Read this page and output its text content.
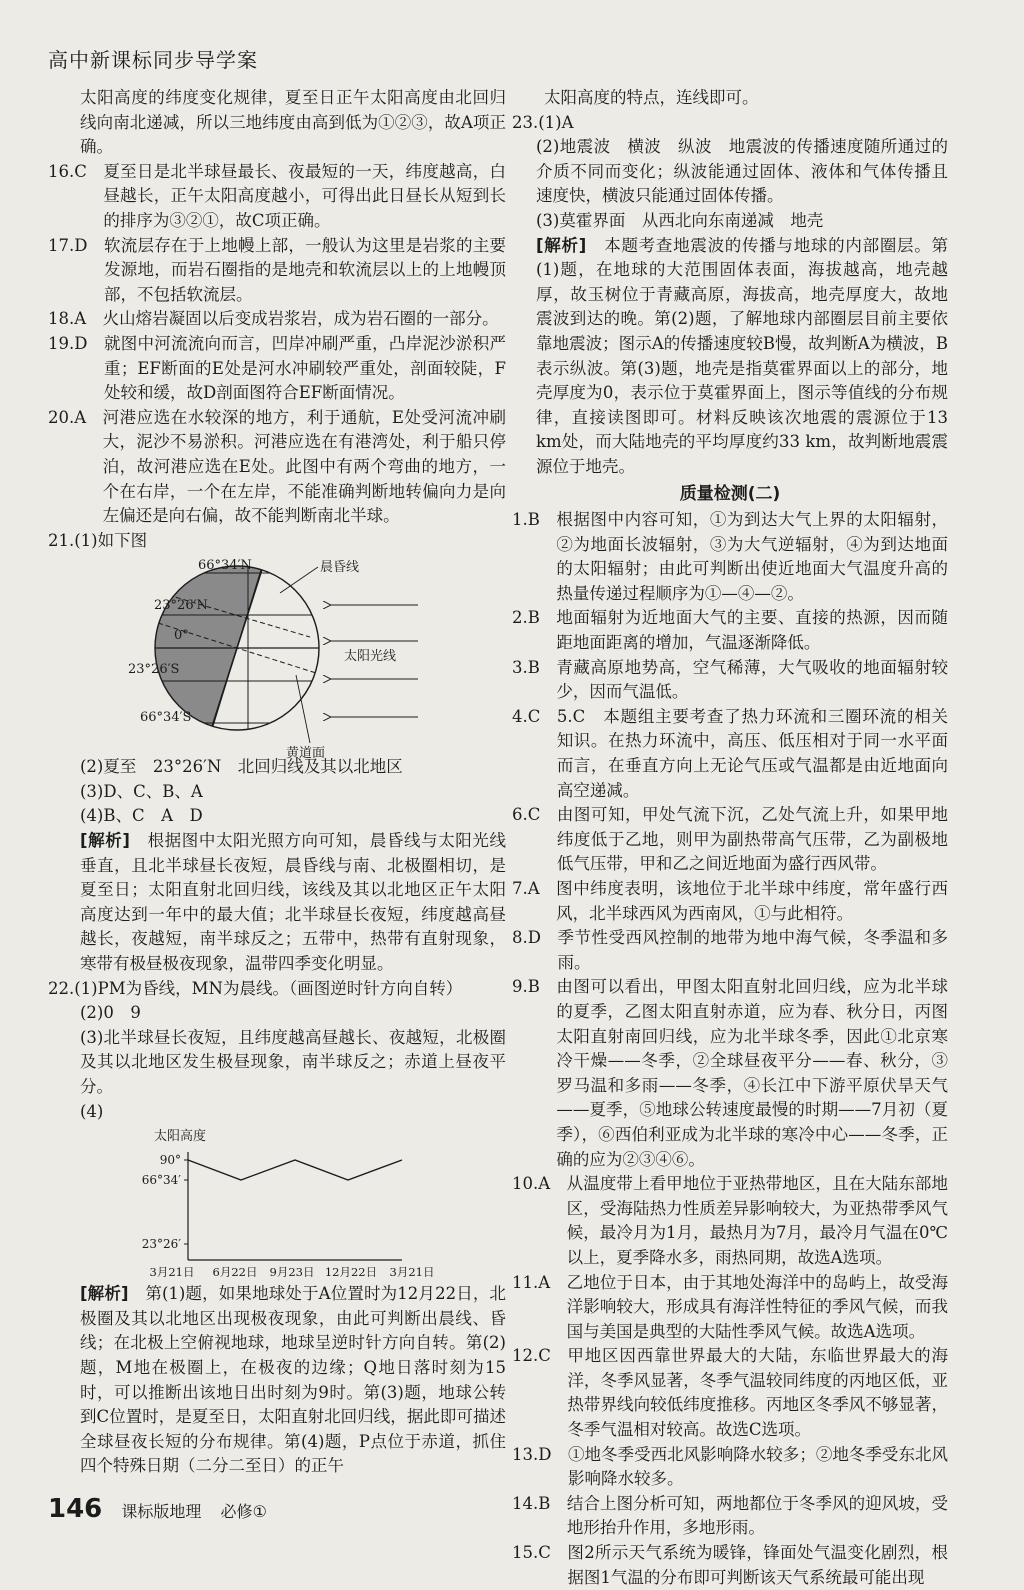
高中新课标同步导学案

太阳高度的纬度变化规律，夏至日正午太阳高度由北回归线向南北递减，所以三地纬度由高到低为①②③，故A项正确。

16.C
　 夏至日是北半球昼最长、夜最短的一天，纬度越高，白昼越长，正午太阳高度越小，可得出此日昼长从短到长的排序为③②①，故C项正确。
17.D
　 软流层存在于上地幔上部，一般认为这里是岩浆的主要发源地，而岩石圈指的是地壳和软流层以上的上地幔顶部，不包括软流层。
18.A
　 火山熔岩凝固以后变成岩浆岩，成为岩石圈的一部分。
19.D
　 就图中河流流向而言，凹岸冲刷严重，凸岸泥沙淤积严重；EF断面的E处是河水冲刷较严重处，剖面较陡，F处较和缓，故D剖面图符合EF断面情况。
20.A
　 河港应选在水较深的地方，利于通航，E处受河流冲刷大，泥沙不易淤积。河港应选在有港湾处，利于船只停泊，故河港应选在E处。此图中有两个弯曲的地方，一个在右岸，一个在左岸，不能准确判断地转偏向力是向左偏还是向右偏，故不能判断南北半球。
21. (1)如下图
66°34′N
23°26′N
0°
23°26′S
66°34′S
晨昏线
太阳光线
黄道面

(2)夏至　23°26′N　北回归线及其以北地区

(3)D、C、B、A

(4)B、C　A　D

[解析]　 根据图中太阳光照方向可知，晨昏线与太阳光线垂直，且北半球昼长夜短，晨昏线与南、北极圈相切，是夏至日；太阳直射北回归线，该线及其以北地区正午太阳高度达到一年中的最大值；北半球昼长夜短，纬度越高昼越长，夜越短，南半球反之；五带中，热带有直射现象，寒带有极昼极夜现象，温带四季变化明显。

22. (1)PM为昏线，MN为晨线。（画图逆时针方向自转）

(2)0　9

(3)北半球昼长夜短，且纬度越高昼越长、夜越短，北极圈及其以北地区发生极昼现象，南半球反之；赤道上昼夜平分。

(4)

太阳高度
90°
66°34′
23°26′
3月21日 6月22日 9月23日 12月22日 3月21日

[解析]　 第(1)题，如果地球处于A位置时为12月22日，北极圈及其以北地区出现极夜现象，由此可判断出晨线、昏线；在北极上空俯视地球，地球呈逆时针方向自转。第(2)题，M地在极圈上，在极夜的边缘；Q地日落时刻为15时，可以推断出该地日出时刻为9时。第(3)题，地球公转到C位置时，是夏至日，太阳直射北回归线，据此即可描述全球昼夜长短的分布规律。第(4)题，P点位于赤道，抓住四个特殊日期（二分二至日）的正午

太阳高度的特点，连线即可。

23. (1)A

(2)地震波　横波　纵波　地震波的传播速度随所通过的介质不同而变化；纵波能通过固体、液体和气体传播且速度快，横波只能通过固体传播。

(3)莫霍界面　从西北向东南递减　地壳

[解析]　 本题考查地震波的传播与地球的内部圈层。第(1)题，在地球的大范围固体表面，海拔越高，地壳越厚，故玉树位于青藏高原，海拔高，地壳厚度大，故地震波到达的晚。第(2)题，了解地球内部圈层目前主要依靠地震波；图示A的传播速度较B慢，故判断A为横波，B表示纵波。第(3)题，地壳是指莫霍界面以上的部分，地壳厚度为0，表示位于莫霍界面上，图示等值线的分布规律，直接读图即可。材料反映该次地震的震源位于13 km处，而大陆地壳的平均厚度约33 km，故判断地震震源位于地壳。

质量检测(二)
1.B
　 根据图中内容可知，①为到达大气上界的太阳辐射，②为地面长波辐射，③为大气逆辐射，④为到达地面的太阳辐射；由此可判断出使近地面大气温度升高的热量传递过程顺序为①—④—②。
2.B
　 地面辐射为近地面大气的主要、直接的热源，因而随距地面距离的增加，气温逐渐降低。
3.B
　 青藏高原地势高，空气稀薄，大气吸收的地面辐射较少，因而气温低。
4.C
　 5.C　本题组主要考查了热力环流和三圈环流的相关知识。在热力环流中，高压、低压相对于同一水平面而言，在垂直方向上无论气压或气温都是由近地面向高空递减。
6.C
　 由图可知，甲处气流下沉，乙处气流上升，如果甲地纬度低于乙地，则甲为副热带高气压带，乙为副极地低气压带，甲和乙之间近地面为盛行西风带。
7.A
　 图中纬度表明，该地位于北半球中纬度，常年盛行西风，北半球西风为西南风，①与此相符。
8.D
　 季节性受西风控制的地带为地中海气候，冬季温和多雨。
9.B
　 由图可以看出，甲图太阳直射北回归线，应为北半球的夏季，乙图太阳直射赤道，应为春、秋分日，丙图太阳直射南回归线，应为北半球冬季，因此①北京寒冷干燥——冬季，②全球昼夜平分——春、秋分，③罗马温和多雨——冬季，④长江中下游平原伏旱天气——夏季，⑤地球公转速度最慢的时期——7月初（夏季），⑥西伯利亚成为北半球的寒冷中心——冬季，正确的应为②③④⑥。
10.A
　 从温度带上看甲地位于亚热带地区，且在大陆东部地区，受海陆热力性质差异影响较大，为亚热带季风气候，最冷月为1月，最热月为7月，最冷月气温在0℃以上，夏季降水多，雨热同期，故选A选项。
11.A
　 乙地位于日本，由于其地处海洋中的岛屿上，故受海洋影响较大，形成具有海洋性特征的季风气候，而我国与美国是典型的大陆性季风气候。故选A选项。
12.C
　 甲地区因西靠世界最大的大陆，东临世界最大的海洋，冬季风显著，冬季气温较同纬度的丙地区低，亚热带界线向较低纬度推移。丙地区冬季风不够显著，冬季气温相对较高。故选C选项。
13.D
　 ①地冬季受西北风影响降水较多；②地冬季受东北风影响降水较多。
14.B
　 结合上图分析可知，两地都位于冬季风的迎风坡，受地形抬升作用，多地形雨。
15.C
　 图2所示天气系统为暖锋，锋面处气温变化剧烈，根据图1气温的分布即可判断该天气系统最可能出现
146 课标版地理 必修①
